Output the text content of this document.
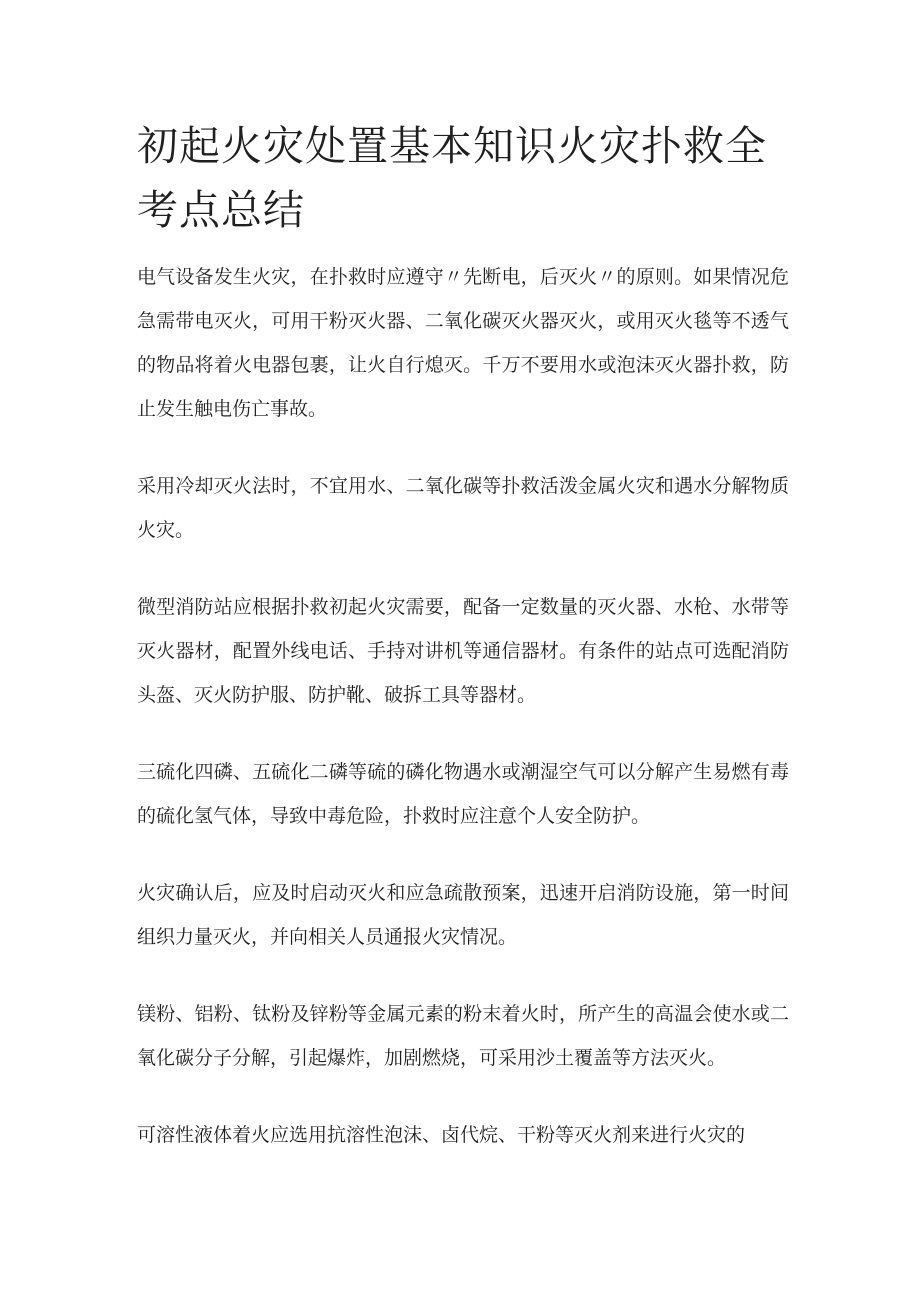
初起火灾处置基本知识火灾扑救全考点总结

电气设备发生火灾，在扑救时应遵守〃先断电，后灭火〃的原则。如果情况危急需带电灭火，可用干粉灭火器、二氧化碳灭火器灭火，或用灭火毯等不透气的物品将着火电器包裹，让火自行熄灭。千万不要用水或泡沫灭火器扑救，防止发生触电伤亡事故。

采用冷却灭火法时，不宜用水、二氧化碳等扑救活泼金属火灾和遇水分解物质火灾。

微型消防站应根据扑救初起火灾需要，配备一定数量的灭火器、水枪、水带等灭火器材，配置外线电话、手持对讲机等通信器材。有条件的站点可选配消防头盔、灭火防护服、防护靴、破拆工具等器材。

三硫化四磷、五硫化二磷等硫的磷化物遇水或潮湿空气可以分解产生易燃有毒的硫化氢气体，导致中毒危险，扑救时应注意个人安全防护。

火灾确认后，应及时启动灭火和应急疏散预案，迅速开启消防设施，第一时间组织力量灭火，并向相关人员通报火灾情况。

镁粉、铝粉、钛粉及锌粉等金属元素的粉末着火时，所产生的高温会使水或二氧化碳分子分解，引起爆炸，加剧燃烧，可采用沙土覆盖等方法灭火。

可溶性液体着火应选用抗溶性泡沫、卤代烷、干粉等灭火剂来进行火灾的
